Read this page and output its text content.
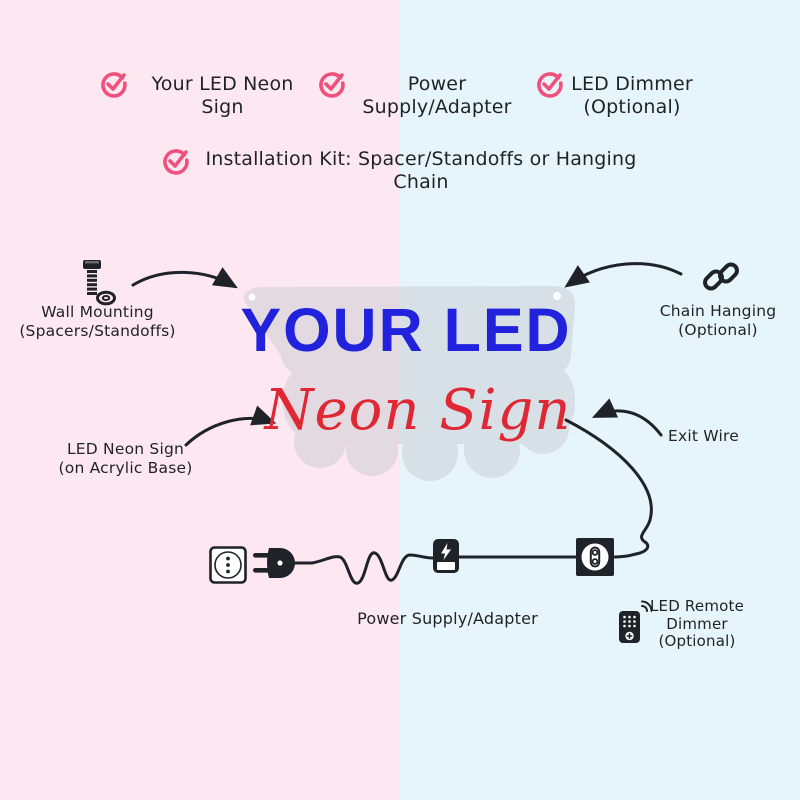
Your LED Neon
Sign
Power
Supply/Adapter
LED Dimmer
(Optional)
Installation Kit: Spacer/Standoffs or Hanging
Chain
YOUR LED
Neon Sign
Wall Mounting
(Spacers/Standoffs)
Chain Hanging
(Optional)
LED Neon Sign
(on Acrylic Base)
Exit Wire
Power Supply/Adapter
LED Remote
Dimmer
(Optional)
